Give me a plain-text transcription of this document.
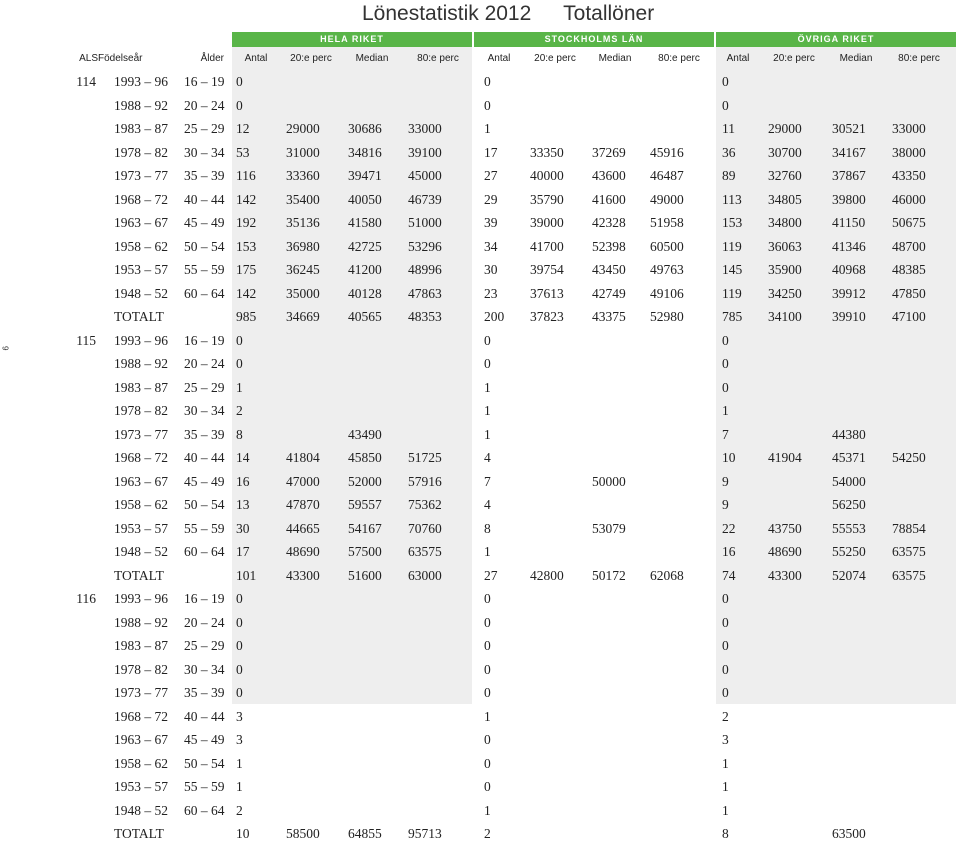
Lönestatistik 2012 Totallöner
6
HELA RIKET	STOCKHOLMS LÄN	ÖVRIGA RIKET
ALS	Födelseår	Ålder	Antal	20:e perc	Median	80:e perc	Antal	20:e perc	Median	80:e perc	Antal	20:e perc	Median	80:e perc
114	1993 – 96	16 – 19	0				0				0			
	1988 – 92	20 – 24	0				0				0			
	1983 – 87	25 – 29	12	29000	30686	33000	1				11	29000	30521	33000
	1978 – 82	30 – 34	53	31000	34816	39100	17	33350	37269	45916	36	30700	34167	38000
	1973 – 77	35 – 39	116	33360	39471	45000	27	40000	43600	46487	89	32760	37867	43350
	1968 – 72	40 – 44	142	35400	40050	46739	29	35790	41600	49000	113	34805	39800	46000
	1963 – 67	45 – 49	192	35136	41580	51000	39	39000	42328	51958	153	34800	41150	50675
	1958 – 62	50 – 54	153	36980	42725	53296	34	41700	52398	60500	119	36063	41346	48700
	1953 – 57	55 – 59	175	36245	41200	48996	30	39754	43450	49763	145	35900	40968	48385
	1948 – 52	60 – 64	142	35000	40128	47863	23	37613	42749	49106	119	34250	39912	47850
	TOTALT		985	34669	40565	48353	200	37823	43375	52980	785	34100	39910	47100
115	1993 – 96	16 – 19	0				0				0			
	1988 – 92	20 – 24	0				0				0			
	1983 – 87	25 – 29	1				1				0			
	1978 – 82	30 – 34	2				1				1			
	1973 – 77	35 – 39	8		43490		1				7		44380	
	1968 – 72	40 – 44	14	41804	45850	51725	4				10	41904	45371	54250
	1963 – 67	45 – 49	16	47000	52000	57916	7		50000		9		54000	
	1958 – 62	50 – 54	13	47870	59557	75362	4				9		56250	
	1953 – 57	55 – 59	30	44665	54167	70760	8		53079		22	43750	55553	78854
	1948 – 52	60 – 64	17	48690	57500	63575	1				16	48690	55250	63575
	TOTALT		101	43300	51600	63000	27	42800	50172	62068	74	43300	52074	63575
116	1993 – 96	16 – 19	0				0				0			
	1988 – 92	20 – 24	0				0				0			
	1983 – 87	25 – 29	0				0				0			
	1978 – 82	30 – 34	0				0				0			
	1973 – 77	35 – 39	0				0				0			
	1968 – 72	40 – 44	3				1				2			
	1963 – 67	45 – 49	3				0				3			
	1958 – 62	50 – 54	1				0				1			
	1953 – 57	55 – 59	1				0				1			
	1948 – 52	60 – 64	2				1				1			
	TOTALT		10	58500	64855	95713	2				8		63500	
